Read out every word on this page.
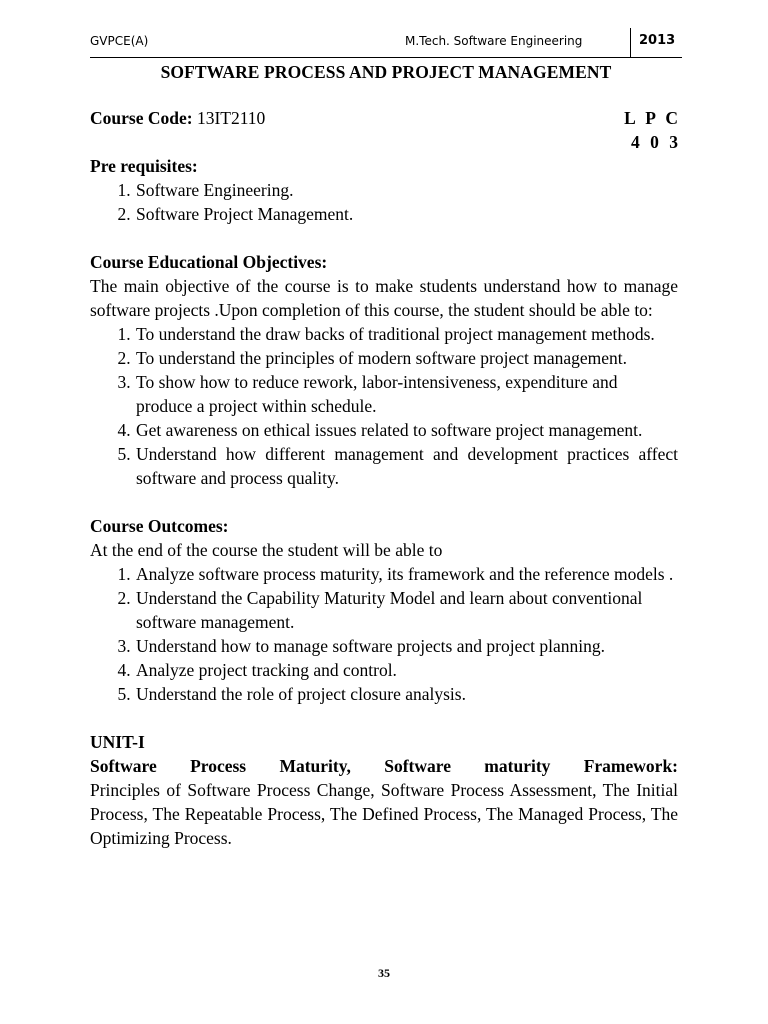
GVPCE(A)	M.Tech. Software Engineering	2013
SOFTWARE PROCESS AND PROJECT MANAGEMENT
Course Code: 13IT2110	L P C
4 0 3

Pre requisites:

1. Software Engineering.
2. Software Project Management.

Course Educational Objectives:

The main objective of the course is to make students understand how to manage software projects .Upon completion of this course, the student should be able to:

1. To understand the draw backs of traditional project management methods.
2. To understand the principles of modern software project management.
3. To show how to reduce rework, labor-intensiveness, expenditure and produce a project within schedule.
4. Get awareness on ethical issues related to software project management.
5. Understand how different management and development practices affect software and process quality.

Course Outcomes:

At the end of the course the student will be able to

1. Analyze software process maturity, its framework and the reference models .
2. Understand the Capability Maturity Model and learn about conventional software management.
3. Understand how to manage software projects and project planning.
4. Analyze project tracking and control.
5. Understand the role of project closure analysis.

UNIT-I

Software Process Maturity, Software maturity Framework:

Principles of Software Process Change, Software Process Assessment, The Initial Process, The Repeatable Process, The Defined Process, The Managed Process, The Optimizing Process.

35
